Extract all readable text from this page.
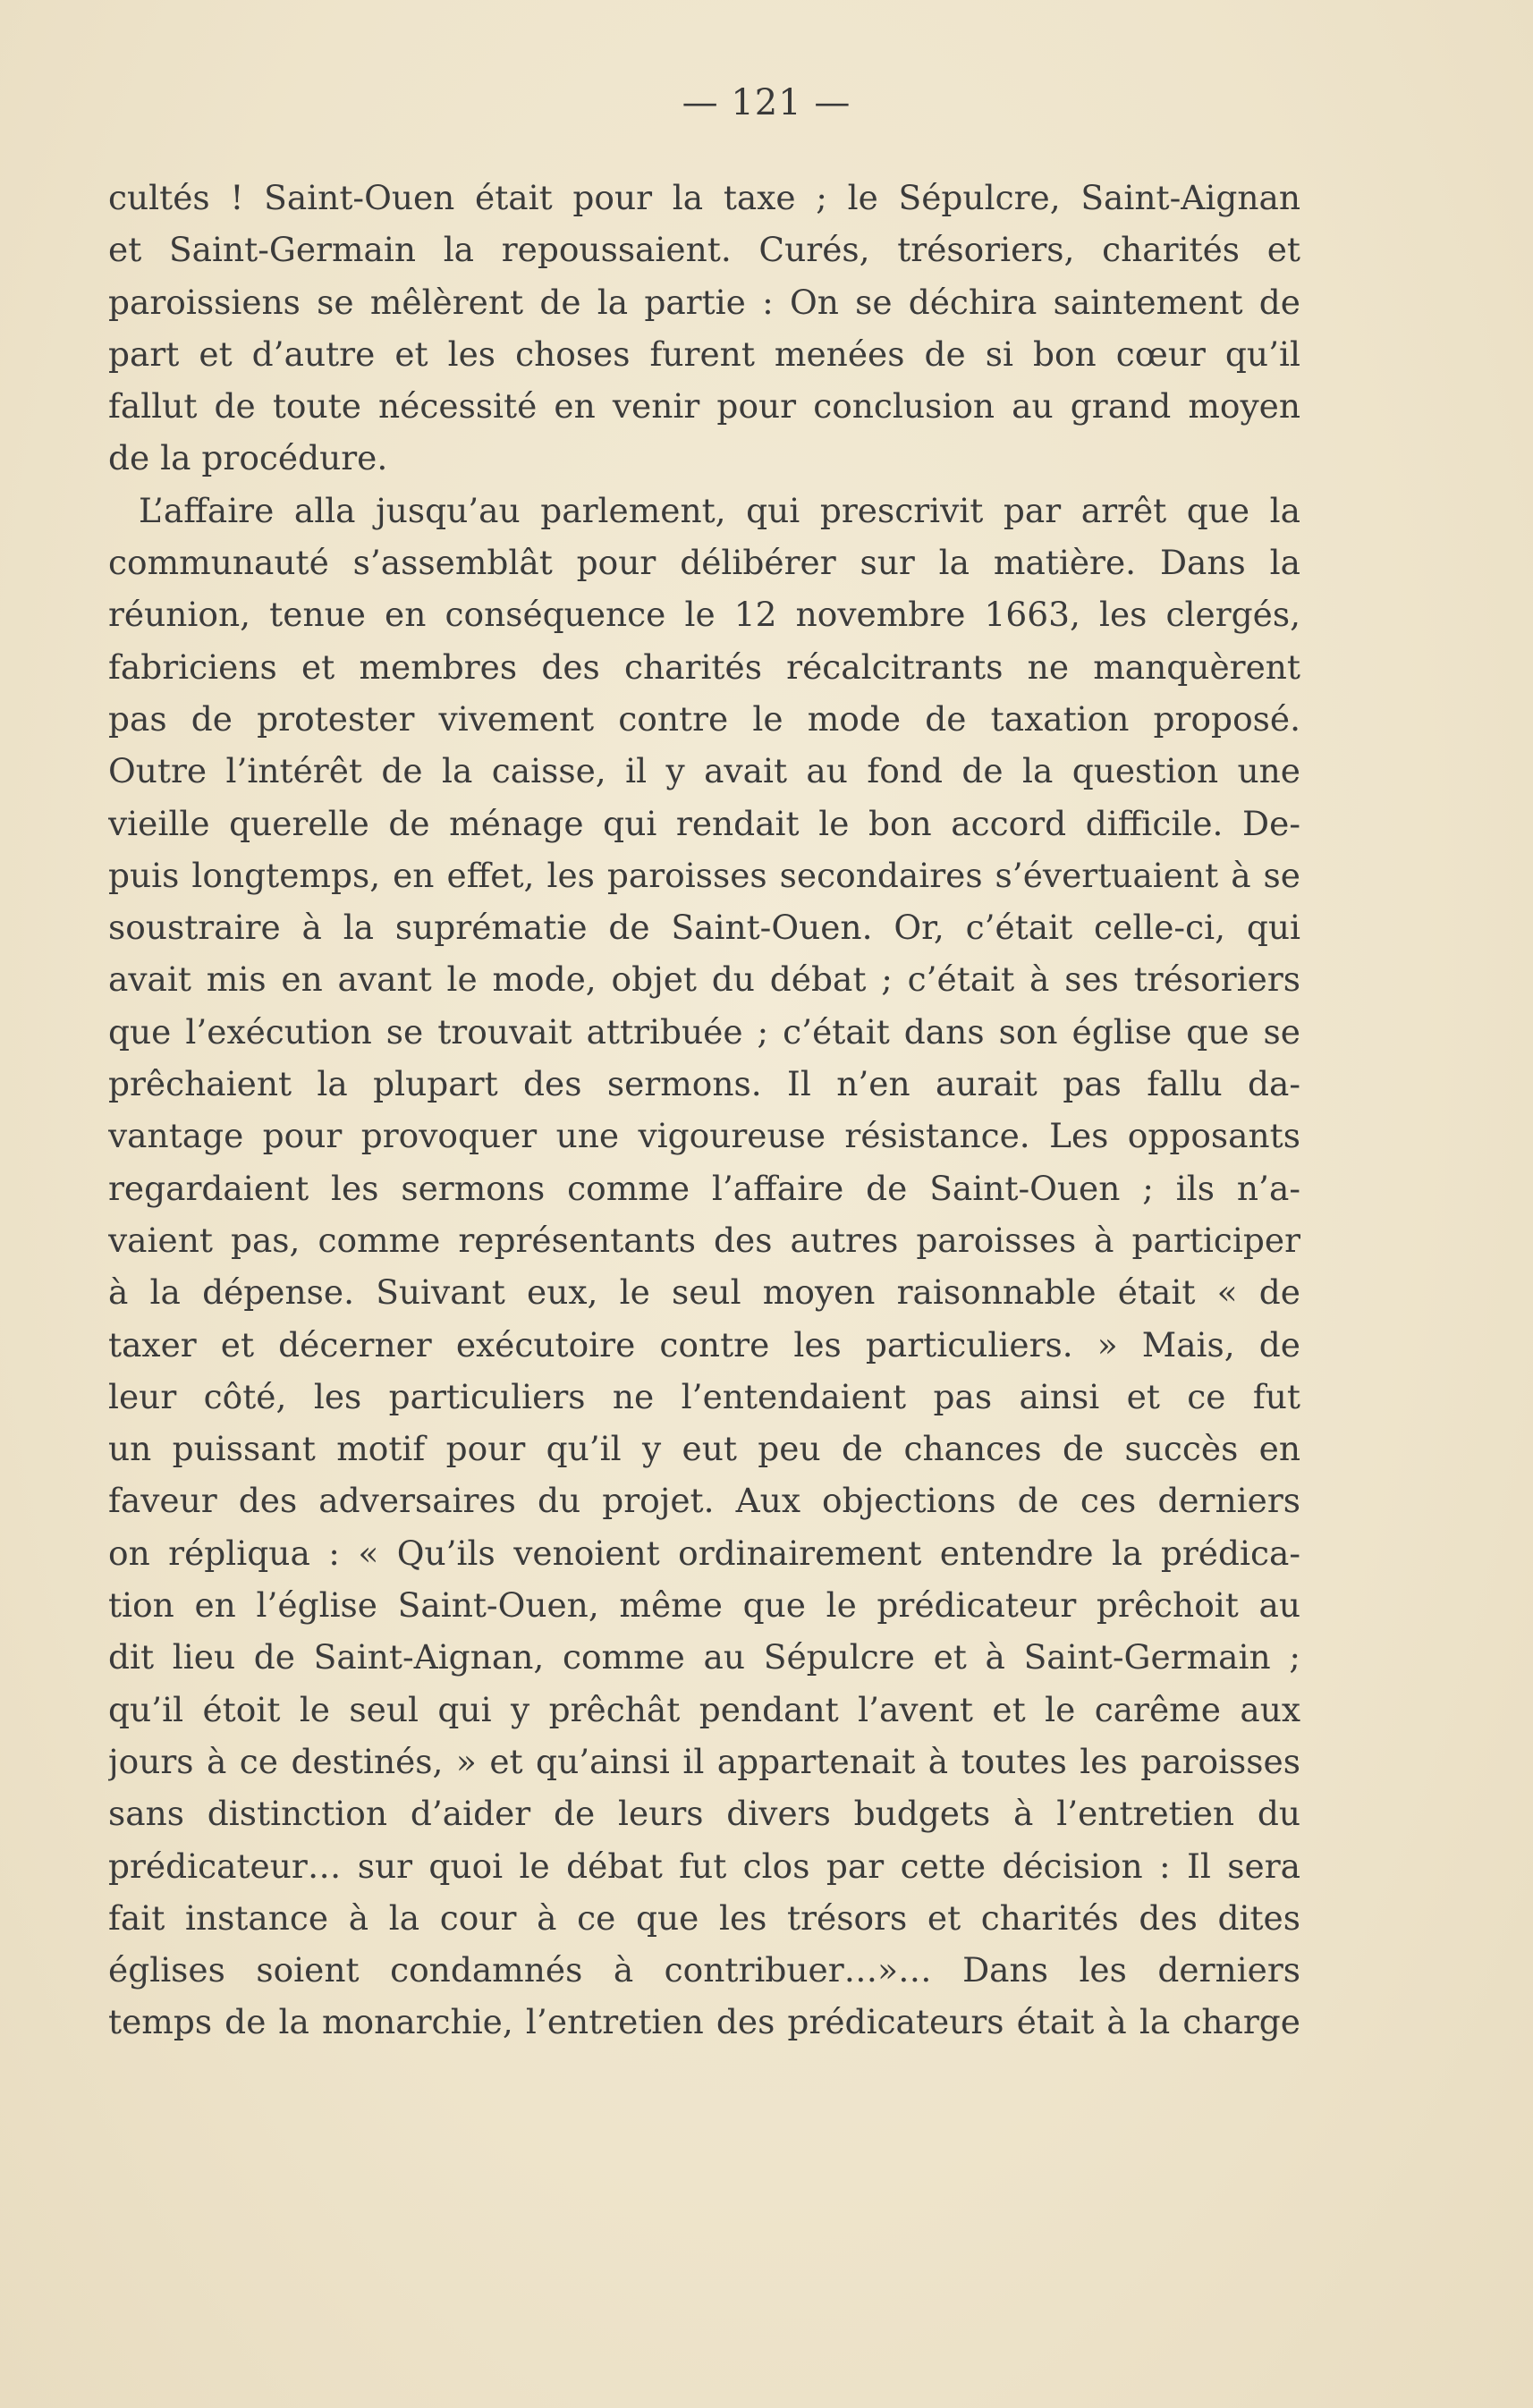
— 121 —
cultés ! Saint-Ouen était pour la taxe ; le Sépulcre, Saint-Aignan
et Saint-Germain la repoussaient. Curés, trésoriers, charités et
paroissiens se mêlèrent de la partie : On se déchira saintement de
part et d’autre et les choses furent menées de si bon cœur qu’il
fallut de toute nécessité en venir pour conclusion au grand moyen
de la procédure.
L’affaire alla jusqu’au parlement, qui prescrivit par arrêt que la
communauté s’assemblât pour délibérer sur la matière. Dans la
réunion, tenue en conséquence le 12 novembre 1663, les clergés,
fabriciens et membres des charités récalcitrants ne manquèrent
pas de protester vivement contre le mode de taxation proposé.
Outre l’intérêt de la caisse, il y avait au fond de la question une
vieille querelle de ménage qui rendait le bon accord difficile. De-
puis longtemps, en effet, les paroisses secondaires s’évertuaient à se
soustraire à la suprématie de Saint-Ouen. Or, c’était celle-ci, qui
avait mis en avant le mode, objet du débat ; c’était à ses trésoriers
que l’exécution se trouvait attribuée ; c’était dans son église que se
prêchaient la plupart des sermons. Il n’en aurait pas fallu da-
vantage pour provoquer une vigoureuse résistance. Les opposants
regardaient les sermons comme l’affaire de Saint-Ouen ; ils n’a-
vaient pas, comme représentants des autres paroisses à participer
à la dépense. Suivant eux, le seul moyen raisonnable était « de
taxer et décerner exécutoire contre les particuliers. » Mais, de
leur côté, les particuliers ne l’entendaient pas ainsi et ce fut
un puissant motif pour qu’il y eut peu de chances de succès en
faveur des adversaires du projet. Aux objections de ces derniers
on répliqua : « Qu’ils venoient ordinairement entendre la prédica-
tion en l’église Saint-Ouen, même que le prédicateur prêchoit au
dit lieu de Saint-Aignan, comme au Sépulcre et à Saint-Germain ;
qu’il étoit le seul qui y prêchât pendant l’avent et le carême aux
jours à ce destinés, » et qu’ainsi il appartenait à toutes les paroisses
sans distinction d’aider de leurs divers budgets à l’entretien du
prédicateur… sur quoi le débat fut clos par cette décision : Il sera
fait instance à la cour à ce que les trésors et charités des dites
églises soient condamnés à contribuer…»… Dans les derniers
temps de la monarchie, l’entretien des prédicateurs était à la charge
